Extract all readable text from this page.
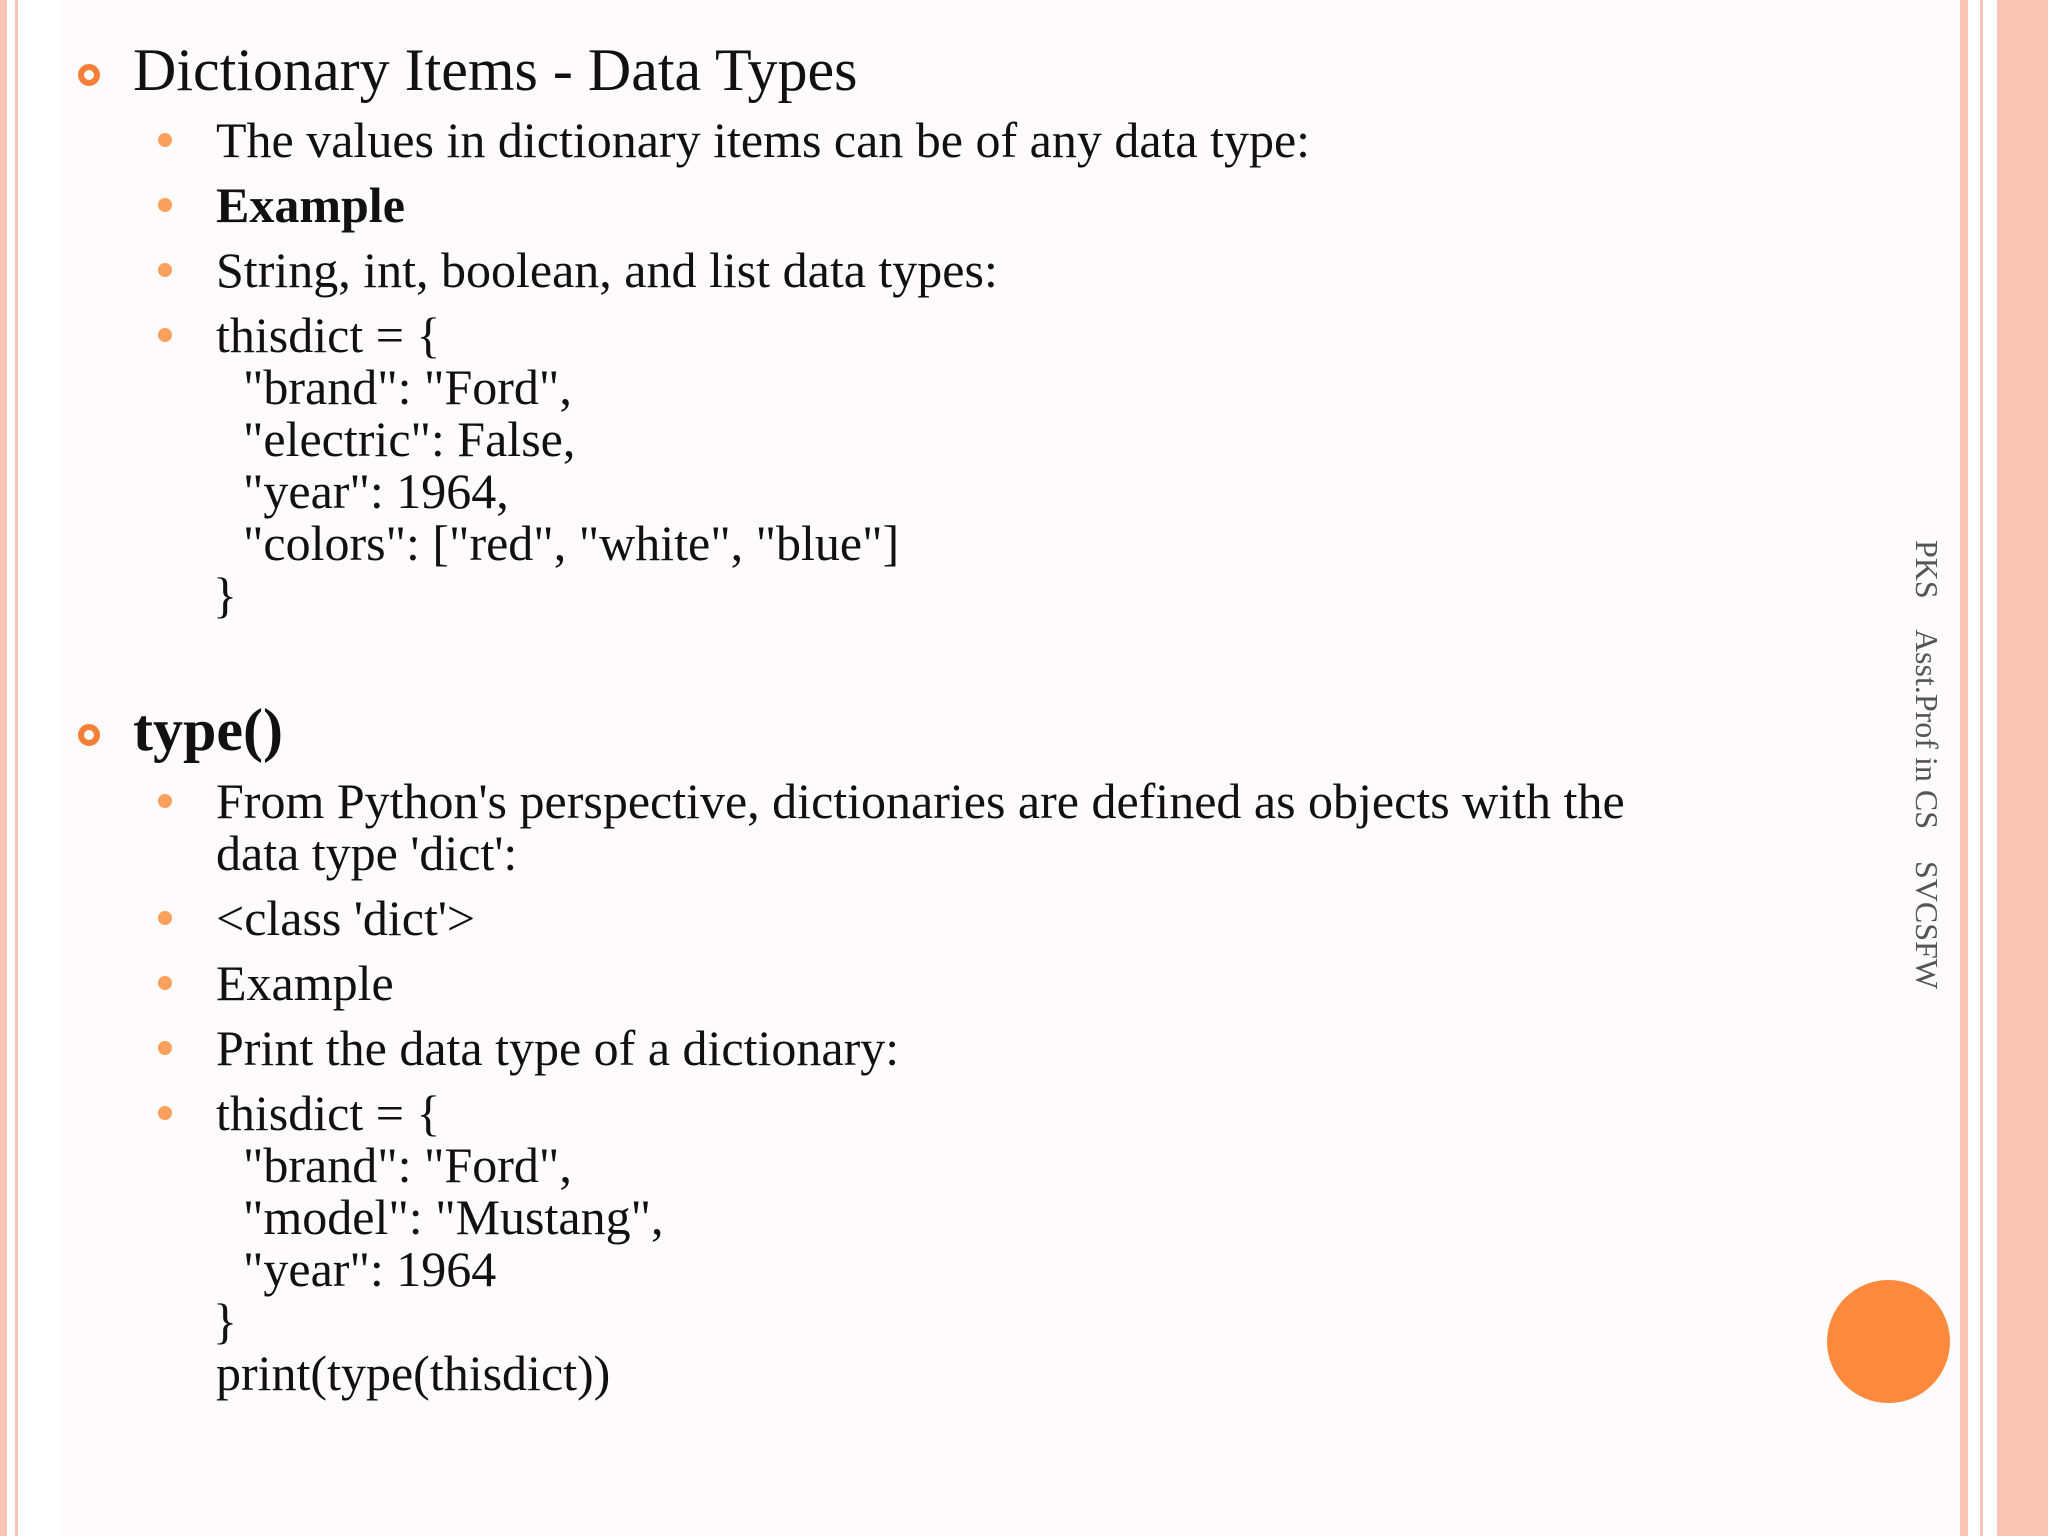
Dictionary Items - Data Types
The values in dictionary items can be of any data type:
Example
String, int, boolean, and list data types:
thisdict = {
"brand": "Ford",
"electric": False,
"year": 1964,
"colors": ["red", "white", "blue"]
}
type()
From Python's perspective, dictionaries are defined as objects with the
data type 'dict':
<class 'dict'>
Example
Print the data type of a dictionary:
thisdict = {
"brand": "Ford",
"model": "Mustang",
"year": 1964
}
print(type(thisdict))
PKS    Asst.Prof in CS    SVCSFW
